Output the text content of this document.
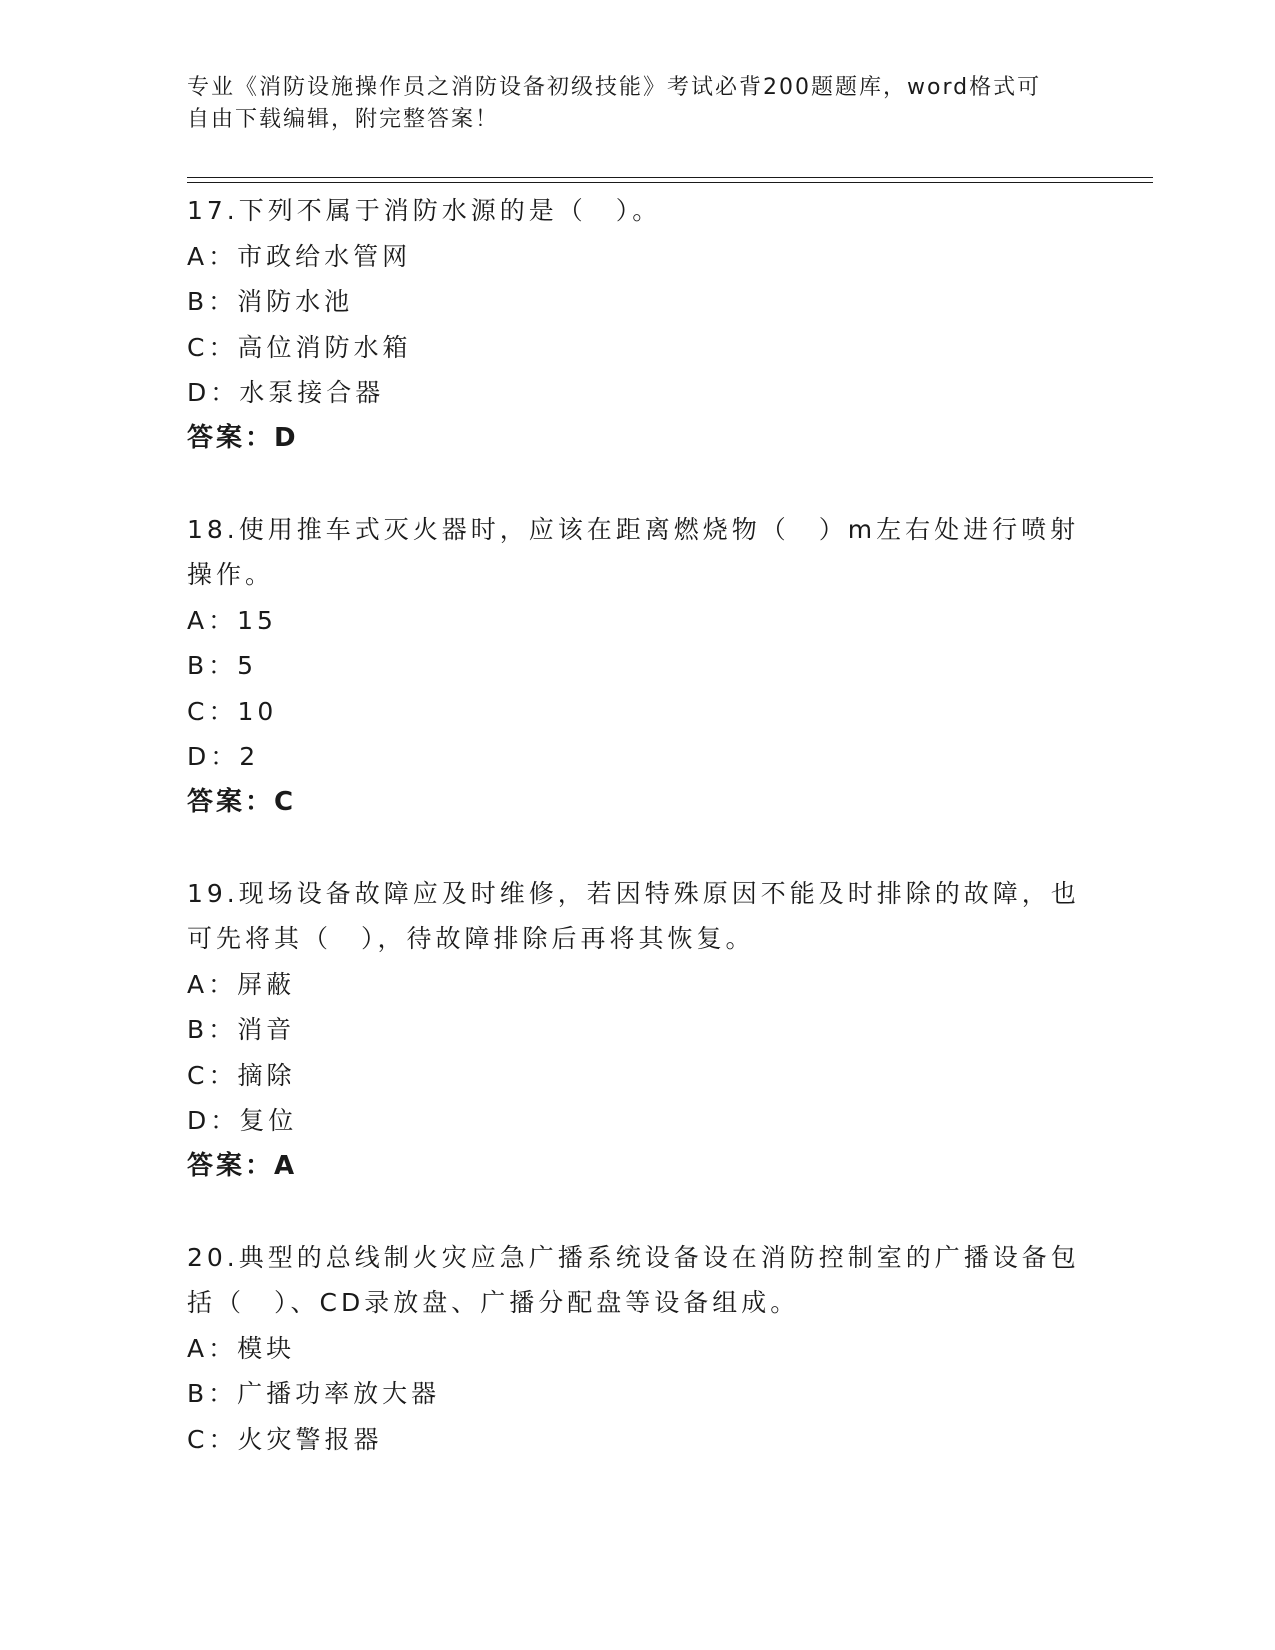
专业《消防设施操作员之消防设备初级技能》考试必背200题题库，word格式可
自由下载编辑，附完整答案！
17.下列不属于消防水源的是（　）。
A：市政给水管网
B：消防水池
C：高位消防水箱
D：水泵接合器
答案：D
18.使用推车式灭火器时，应该在距离燃烧物（　）m左右处进行喷射
操作。
A：15
B：5
C：10
D：2
答案：C
19.现场设备故障应及时维修，若因特殊原因不能及时排除的故障，也
可先将其（　），待故障排除后再将其恢复。
A：屏蔽
B：消音
C：摘除
D：复位
答案：A
20.典型的总线制火灾应急广播系统设备设在消防控制室的广播设备包
括（　）、CD录放盘、广播分配盘等设备组成。
A：模块
B：广播功率放大器
C：火灾警报器
